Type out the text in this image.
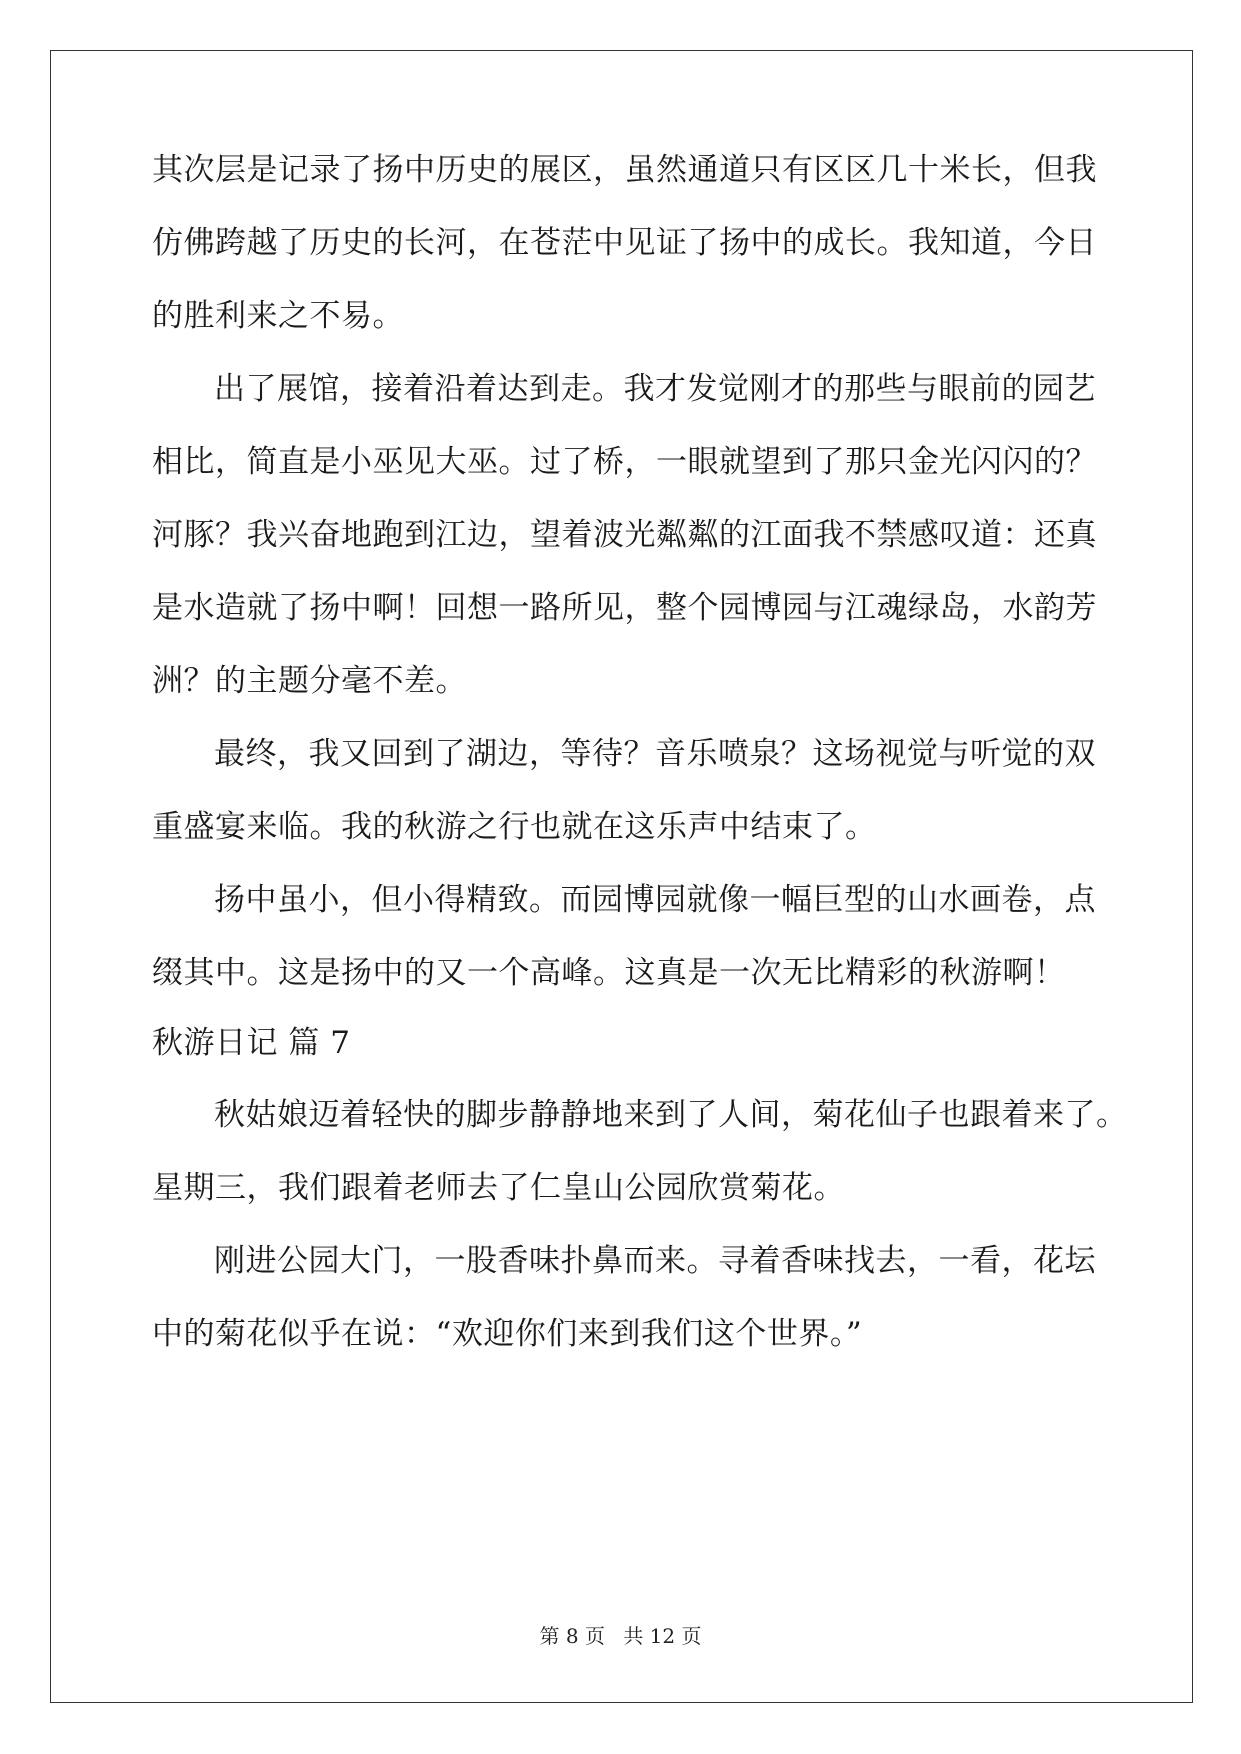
其次层是记录了扬中历史的展区，虽然通道只有区区几十米长，但我
仿佛跨越了历史的长河，在苍茫中见证了扬中的成长。我知道，今日
的胜利来之不易。
出了展馆，接着沿着达到走。我才发觉刚才的那些与眼前的园艺
相比，简直是小巫见大巫。过了桥，一眼就望到了那只金光闪闪的？
河豚？我兴奋地跑到江边，望着波光粼粼的江面我不禁感叹道：还真
是水造就了扬中啊！回想一路所见，整个园博园与江魂绿岛，水韵芳
洲？的主题分毫不差。
最终，我又回到了湖边，等待？音乐喷泉？这场视觉与听觉的双
重盛宴来临。我的秋游之行也就在这乐声中结束了。
扬中虽小，但小得精致。而园博园就像一幅巨型的山水画卷，点
缀其中。这是扬中的又一个高峰。这真是一次无比精彩的秋游啊！
秋游日记 篇 7
秋姑娘迈着轻快的脚步静静地来到了人间，菊花仙子也跟着来了。
星期三，我们跟着老师去了仁皇山公园欣赏菊花。
刚进公园大门，一股香味扑鼻而来。寻着香味找去，一看，花坛
中的菊花似乎在说：“欢迎你们来到我们这个世界。”
第 8 页 共 12 页
